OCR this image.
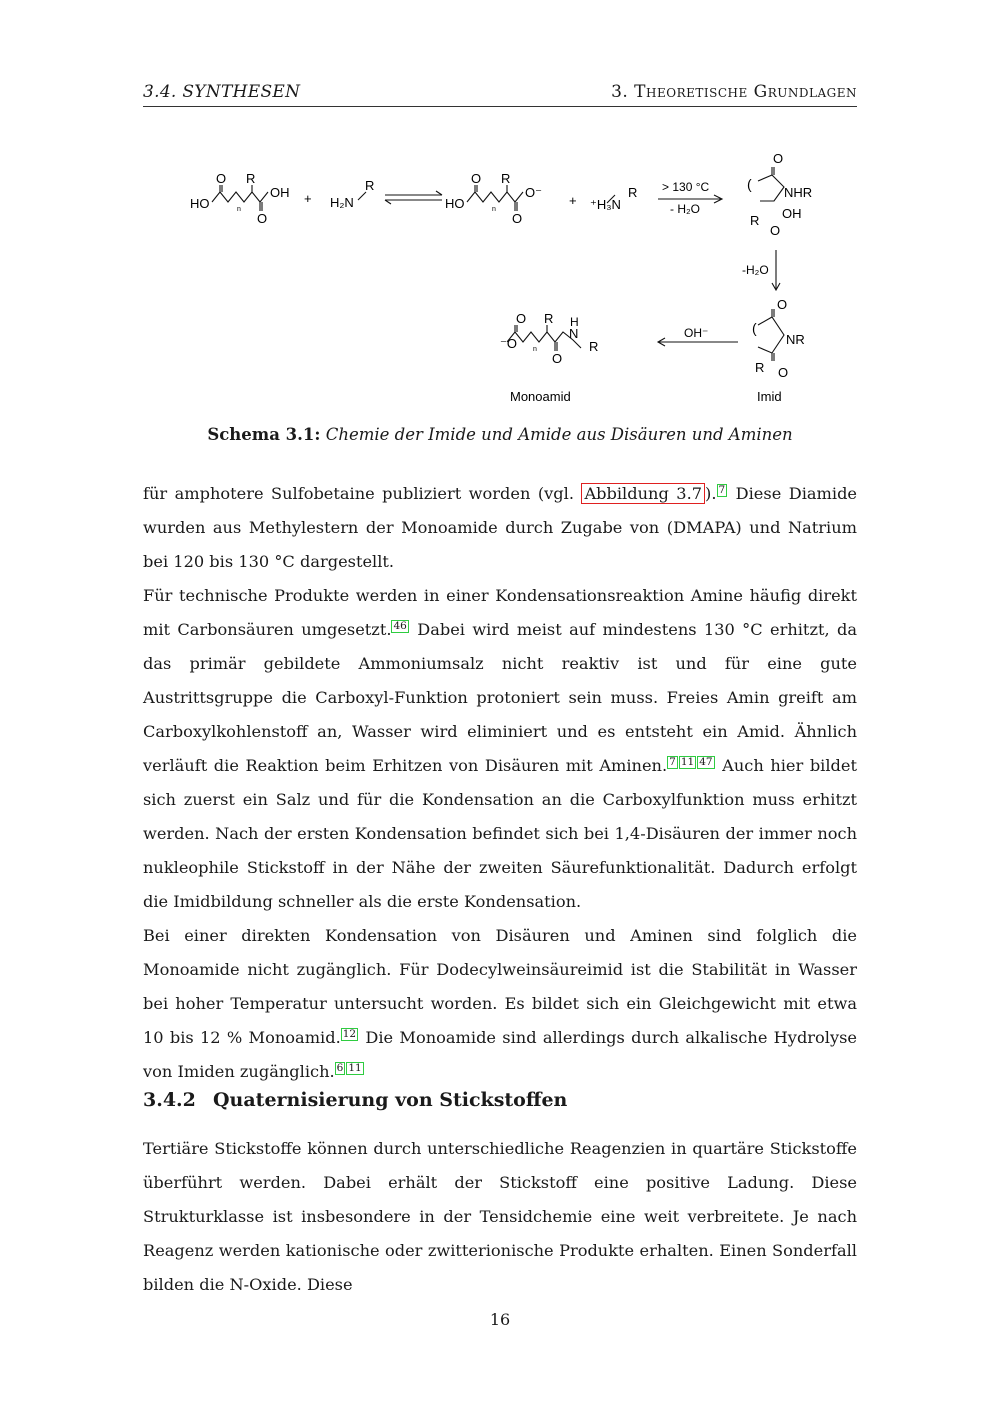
3.4. SYNTHESEN	3. Theoretische Grundlagen
O R
HO
OH
O
n
+ H₂N
R	O R
HO
O⁻
O
n
+ ⁺H₃N
R > 130 °C
- H₂O
O
(
NHR
OH
R
O
-H₂O
O
(
NR
R O
OH⁻
⁻O
O R H
N
R
O
n
Monoamid	Imid
Schema 3.1: Chemie der Imide und Amide aus Disäuren und Aminen

für amphotere Sulfobetaine publiziert worden (vgl. Abbildung 3.7 ). 7 Diese Diamide wurden aus Methylestern der Monoamide durch Zugabe von (DMAPA) und Natrium bei 120 bis 130 °C dargestellt.

Für technische Produkte werden in einer Kondensationsreaktion Amine häufig direkt mit Carbonsäuren umgesetzt. 46 Dabei wird meist auf mindestens 130 °C erhitzt, da das primär gebildete Ammoniumsalz nicht reaktiv ist und für eine gute Austrittsgruppe die Carboxyl-Funktion protoniert sein muss. Freies Amin greift am Carboxylkohlenstoff an, Wasser wird eliminiert und es entsteht ein Amid. Ähnlich verläuft die Reaktion beim Erhitzen von Disäuren mit Aminen. 7 11 47 Auch hier bildet sich zuerst ein Salz und für die Kondensation an die Carboxylfunktion muss erhitzt werden. Nach der ersten Kondensation befindet sich bei 1,4-Disäuren der immer noch nukleophile Stickstoff in der Nähe der zweiten Säurefunktionalität. Dadurch erfolgt die Imidbildung schneller als die erste Kondensation.

Bei einer direkten Kondensation von Disäuren und Aminen sind folglich die Monoamide nicht zugänglich. Für Dodecylweinsäureimid ist die Stabilität in Wasser bei hoher Temperatur untersucht worden. Es bildet sich ein Gleichgewicht mit etwa 10 bis 12 % Monoamid. 12 Die Monoamide sind allerdings durch alkalische Hydrolyse von Imiden zugänglich. 6 11

3.4.2 Quaternisierung von Stickstoffen

Tertiäre Stickstoffe können durch unterschiedliche Reagenzien in quartäre Stickstoffe überführt werden. Dabei erhält der Stickstoff eine positive Ladung. Diese Strukturklasse ist insbesondere in der Tensidchemie eine weit verbreitete. Je nach Reagenz werden kationische oder zwitterionische Produkte erhalten. Einen Sonderfall bilden die N-Oxide. Diese

16
